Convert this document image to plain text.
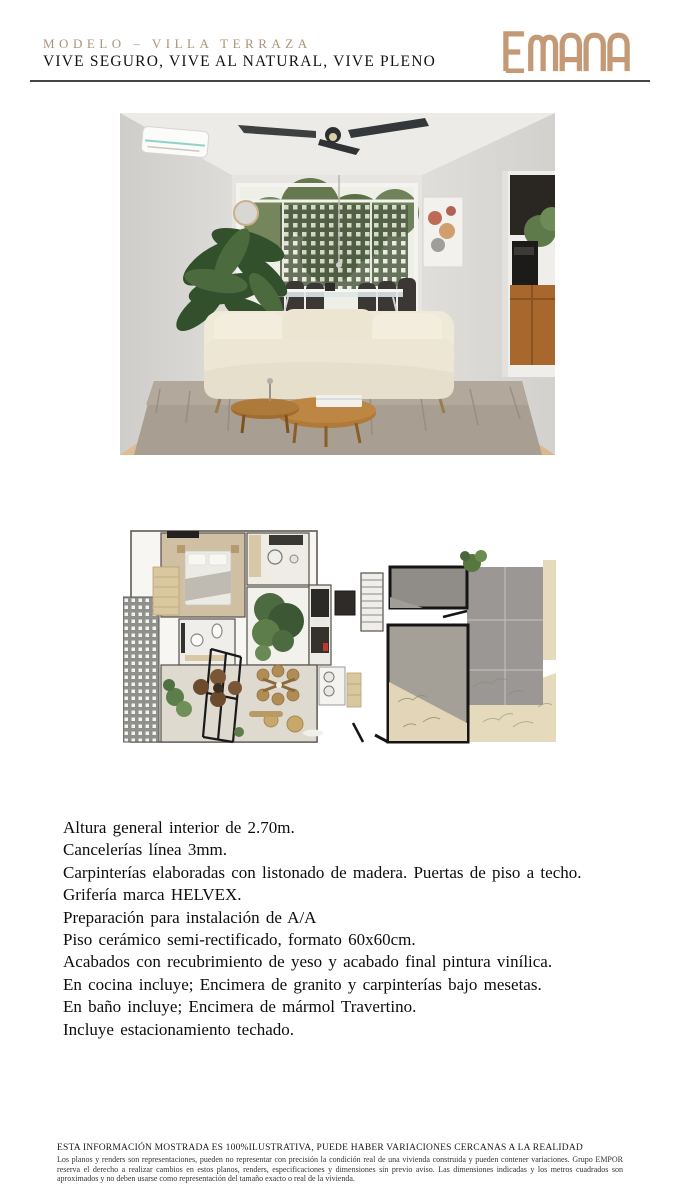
MODELO – VILLA TERRAZA
VIVE SEGURO, VIVE AL NATURAL, VIVE PLENO
Altura general interior de 2.70m.
Cancelerías línea 3mm.
Carpinterías elaboradas con listonado de madera. Puertas de piso a techo.
Grifería marca HELVEX.
Preparación para instalación de A/A
Piso cerámico semi-rectificado, formato 60x60cm.
Acabados con recubrimiento de yeso y acabado final pintura vinílica.
En cocina incluye; Encimera de granito y carpinterías bajo mesetas.
En baño incluye; Encimera de mármol Travertino.
Incluye estacionamiento techado.

ESTA INFORMACIÓN MOSTRADA ES 100%ILUSTRATIVA, PUEDE HABER VARIACIONES CERCANAS A LA REALIDAD

Los planos y renders son representaciones, pueden no representar con precisión la condición real de una vivienda construida y pueden contener variaciones. Grupo EMPOR reserva el derecho a realizar cambios en estos planos, renders, especificaciones y dimensiones sin previo aviso. Las dimensiones indicadas y los metros cuadrados son aproximados y no deben usarse como representación del tamaño exacto o real de la vivienda.
